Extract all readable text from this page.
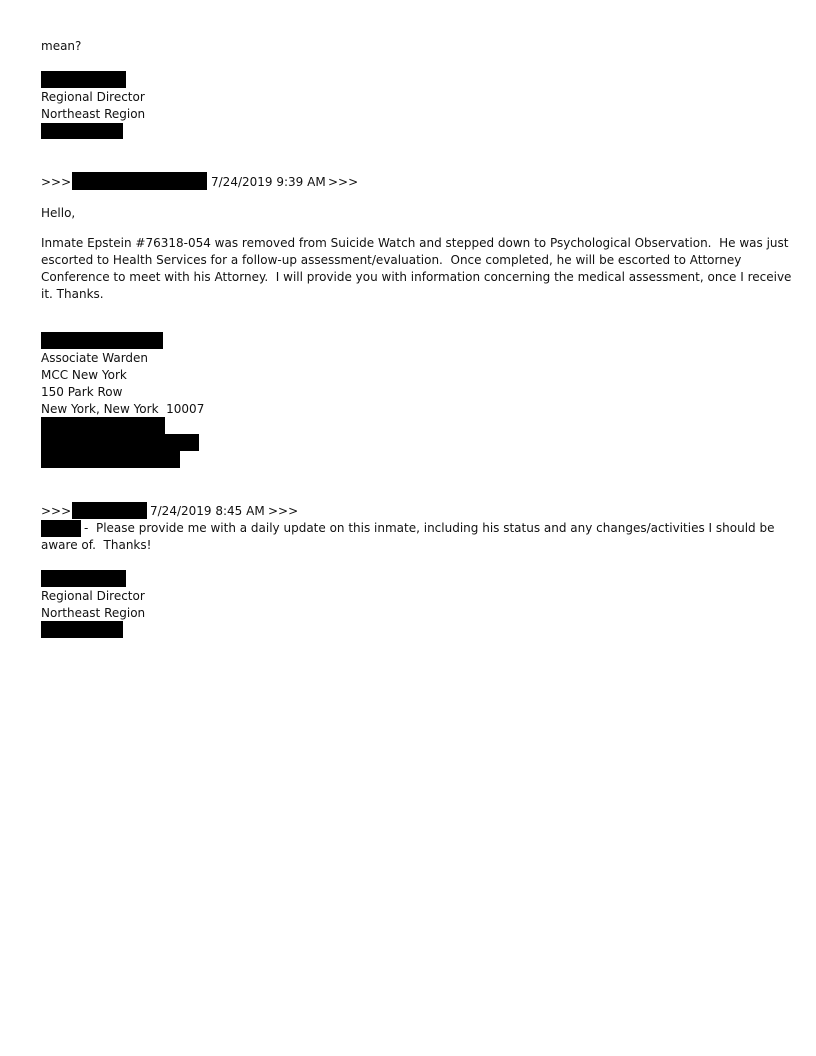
mean?
Regional Director
Northeast Region
>>>	7/24/2019 9:39 AM >>>
Hello,
Inmate Epstein #76318-054 was removed from Suicide Watch and stepped down to Psychological Observation.  He was just
escorted to Health Services for a follow-up assessment/evaluation.  Once completed, he will be escorted to Attorney
Conference to meet with his Attorney.  I will provide you with information concerning the medical assessment, once I receive
it. Thanks.
Associate Warden
MCC New York
150 Park Row
New York, New York  10007
>>>	7/24/2019 8:45 AM >>>
-  Please provide me with a daily update on this inmate, including his status and any changes/activities I should be
aware of.  Thanks!
Regional Director
Northeast Region
